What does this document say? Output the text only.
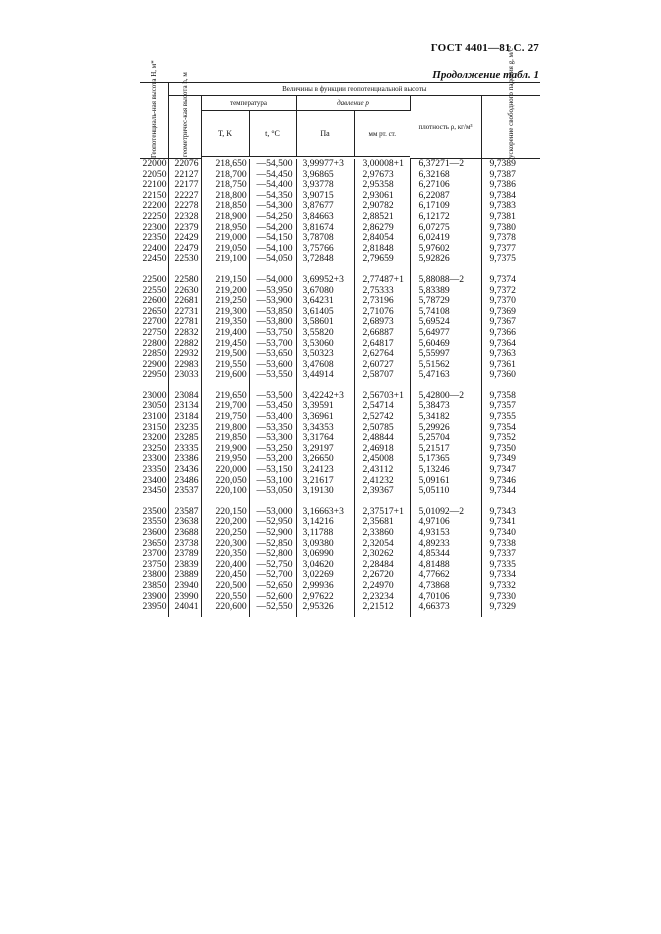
ГОСТ 4401—81 С. 27
Продолжение табл. 1
Геопотенциаль-ная высота H, м*	Величины в функции геопотенциальной высоты						

	геометричес-кая высота h, м	температура		давление p		плотность ρ, кг/м³	ускорение свободного падения g, м/с²

		T, K	t, °C	Па	мм рт. ст.		

22000	22076	218,650	—54,500	3,99977+3	3,00008+1	6,37271—2	9,7389
22050	22127	218,700	—54,450	3,96865	2,97673	6,32168	9,7387
22100	22177	218,750	—54,400	3,93778	2,95358	6,27106	9,7386
22150	22227	218,800	—54,350	3,90715	2,93061	6,22087	9,7384
22200	22278	218,850	—54,300	3,87677	2,90782	6,17109	9,7383
22250	22328	218,900	—54,250	3,84663	2,88521	6,12172	9,7381
22300	22379	218,950	—54,200	3,81674	2,86279	6,07275	9,7380
22350	22429	219,000	—54,150	3,78708	2,84054	6,02419	9,7378
22400	22479	219,050	—54,100	3,75766	2,81848	5,97602	9,7377
22450	22530	219,100	—54,050	3,72848	2,79659	5,92826	9,7375

22500	22580	219,150	—54,000	3,69952+3	2,77487+1	5,88088—2	9,7374
22550	22630	219,200	—53,950	3,67080	2,75333	5,83389	9,7372
22600	22681	219,250	—53,900	3,64231	2,73196	5,78729	9,7370
22650	22731	219,300	—53,850	3,61405	2,71076	5,74108	9,7369
22700	22781	219,350	—53,800	3,58601	2,68973	5,69524	9,7367
22750	22832	219,400	—53,750	3,55820	2,66887	5,64977	9,7366
22800	22882	219,450	—53,700	3,53060	2,64817	5,60469	9,7364
22850	22932	219,500	—53,650	3,50323	2,62764	5,55997	9,7363
22900	22983	219,550	—53,600	3,47608	2,60727	5,51562	9,7361
22950	23033	219,600	—53,550	3,44914	2,58707	5,47163	9,7360

23000	23084	219,650	—53,500	3,42242+3	2,56703+1	5,42800—2	9,7358
23050	23134	219,700	—53,450	3,39591	2,54714	5,38473	9,7357
23100	23184	219,750	—53,400	3,36961	2,52742	5,34182	9,7355
23150	23235	219,800	—53,350	3,34353	2,50785	5,29926	9,7354
23200	23285	219,850	—53,300	3,31764	2,48844	5,25704	9,7352
23250	23335	219,900	—53,250	3,29197	2,46918	5,21517	9,7350
23300	23386	219,950	—53,200	3,26650	2,45008	5,17365	9,7349
23350	23436	220,000	—53,150	3,24123	2,43112	5,13246	9,7347
23400	23486	220,050	—53,100	3,21617	2,41232	5,09161	9,7346
23450	23537	220,100	—53,050	3,19130	2,39367	5,05110	9,7344

23500	23587	220,150	—53,000	3,16663+3	2,37517+1	5,01092—2	9,7343
23550	23638	220,200	—52,950	3,14216	2,35681	4,97106	9,7341
23600	23688	220,250	—52,900	3,11788	2,33860	4,93153	9,7340
23650	23738	220,300	—52,850	3,09380	2,32054	4,89233	9,7338
23700	23789	220,350	—52,800	3,06990	2,30262	4,85344	9,7337
23750	23839	220,400	—52,750	3,04620	2,28484	4,81488	9,7335
23800	23889	220,450	—52,700	3,02269	2,26720	4,77662	9,7334
23850	23940	220,500	—52,650	2,99936	2,24970	4,73868	9,7332
23900	23990	220,550	—52,600	2,97622	2,23234	4,70106	9,7330
23950	24041	220,600	—52,550	2,95326	2,21512	4,66373	9,7329
